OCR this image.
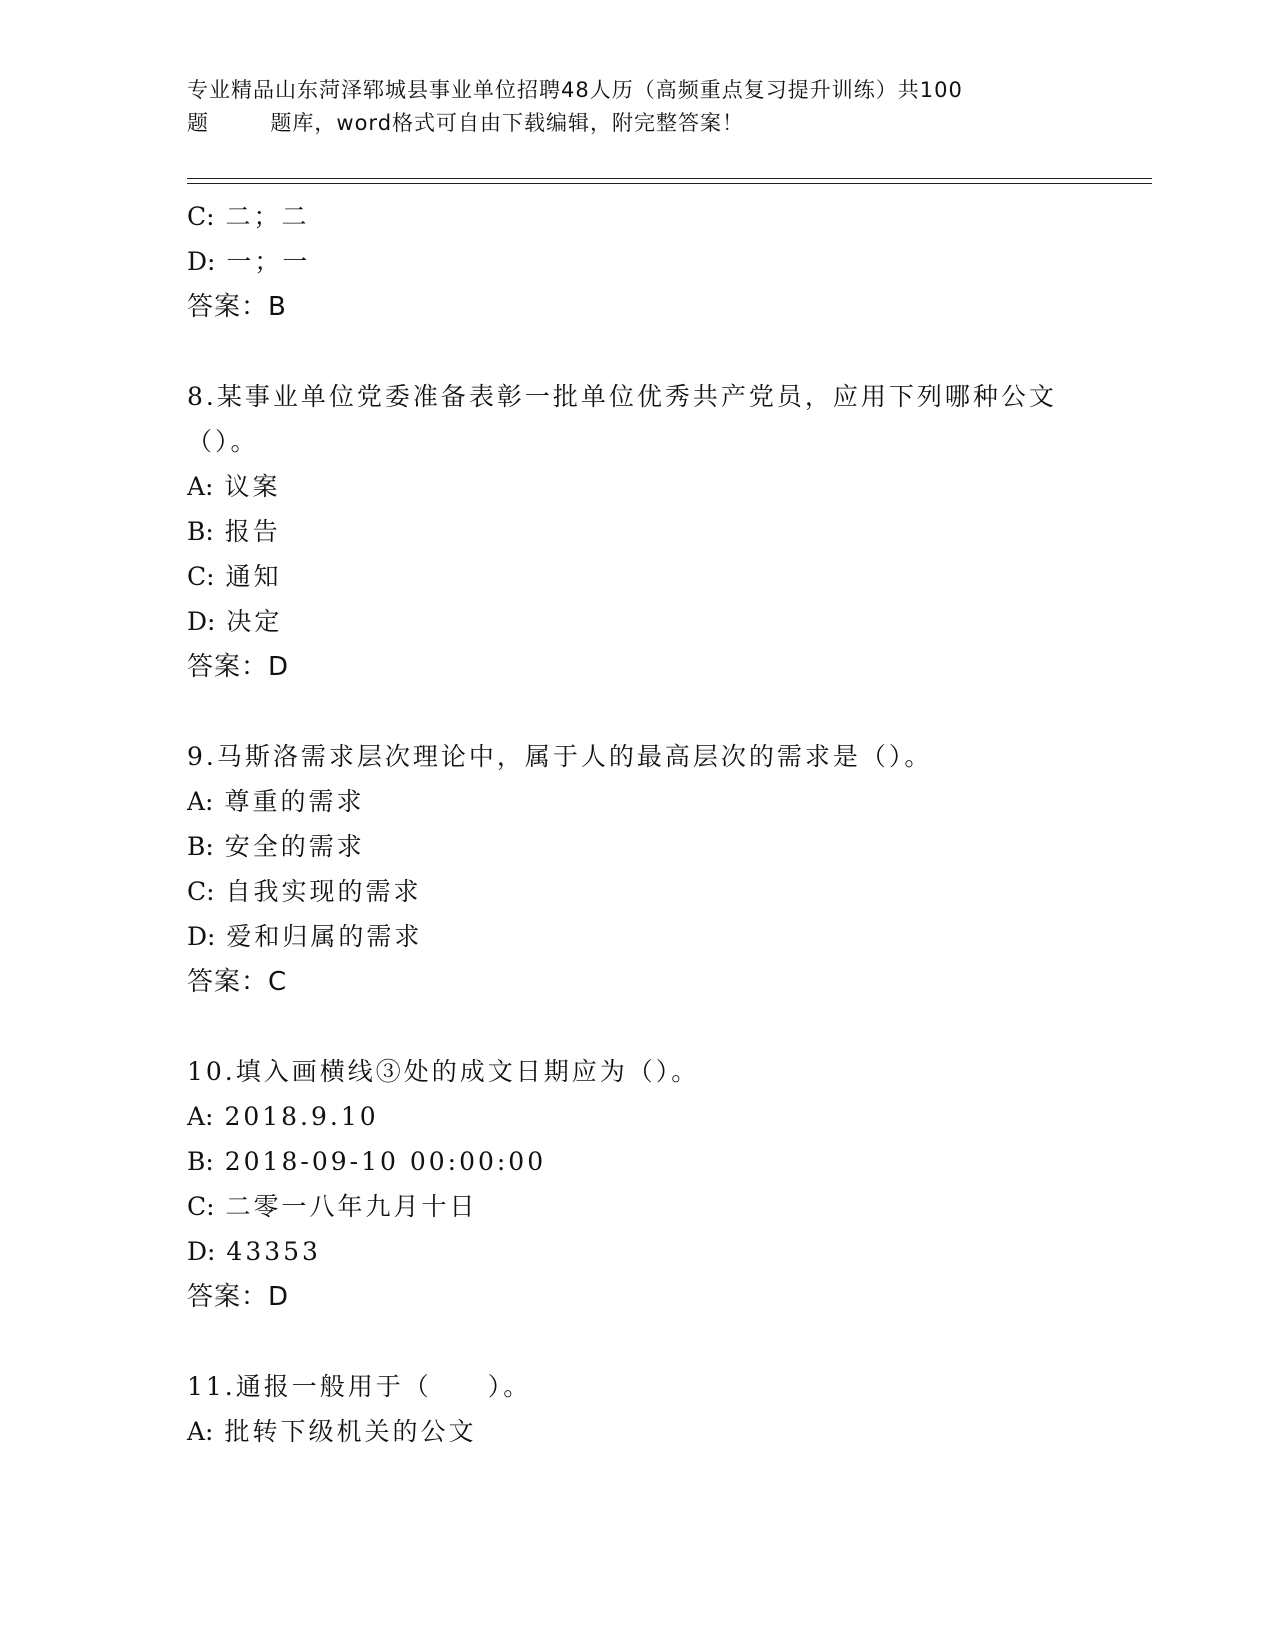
专业精品山东菏泽郓城县事业单位招聘48人历（高频重点复习提升训练）共100
题        题库，word格式可自由下载编辑，附完整答案！
C: 二；二
D: 一；一
答案：B
8.某事业单位党委准备表彰一批单位优秀共产党员，应用下列哪种公文（）。
A: 议案
B: 报告
C: 通知
D: 决定
答案：D
9.马斯洛需求层次理论中，属于人的最高层次的需求是（）。
A: 尊重的需求
B: 安全的需求
C: 自我实现的需求
D: 爱和归属的需求
答案：C
10.填入画横线③处的成文日期应为（）。
A: 2018.9.10
B: 2018-09-10 00:00:00
C: 二零一八年九月十日
D: 43353
答案：D
11.通报一般用于（　　）。
A: 批转下级机关的公文
